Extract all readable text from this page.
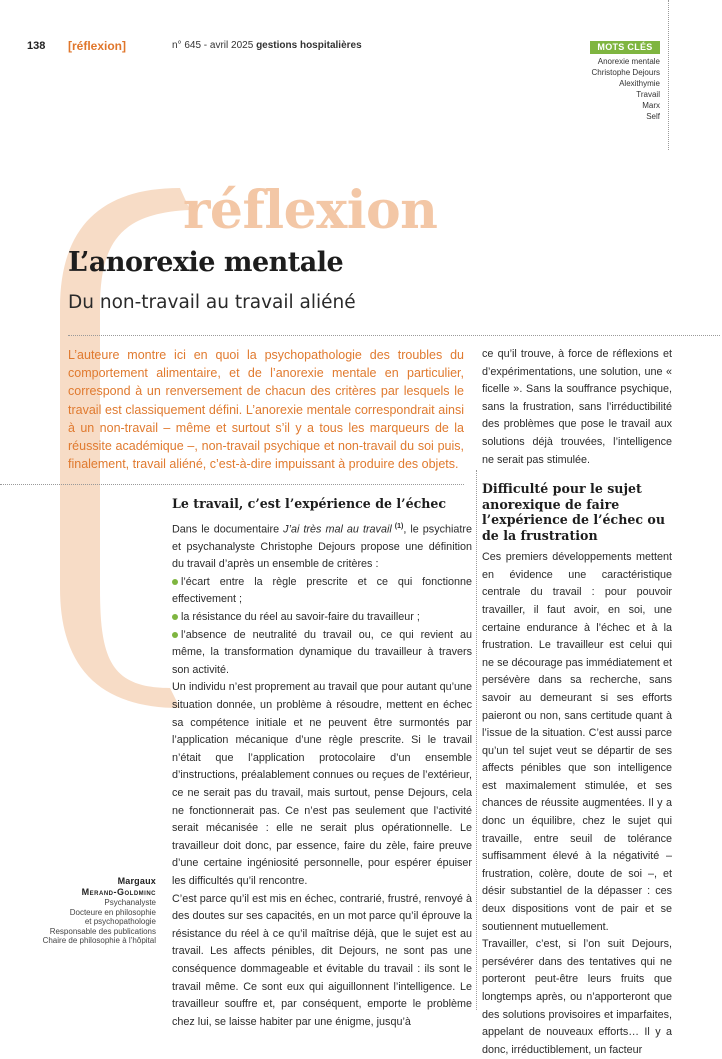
138 [réflexion]	n° 645 - avril 2025 gestions hospitalières	MOTS CLÉS
Anorexie mentale
Christophe Dejours
Alexithymie
Travail
Marx
Self
réflexion
L’anorexie mentale
Du non-travail au travail aliéné

L’auteure montre ici en quoi la psychopathologie des troubles du comportement alimentaire, et de l’anorexie mentale en particulier, correspond à un renversement de chacun des critères par lesquels le travail est classiquement défini. L’anorexie mentale correspondrait ainsi à un non-travail – même et surtout s’il y a tous les marqueurs de la réussite académique –, non-travail psychique et non-travail du soi puis, finalement, travail aliéné, c’est-à-dire impuissant à produire des objets.

Le travail, c’est l’expérience de l’échec

Dans le documentaire J’ai très mal au travail $^{(1)}$, le psychiatre et psychanalyste Christophe Dejours propose une définition du travail d’après un ensemble de critères :

l’écart entre la règle prescrite et ce qui fonctionne effectivement ;

la résistance du réel au savoir-faire du travailleur ;

l’absence de neutralité du travail ou, ce qui revient au même, la transformation dynamique du travailleur à travers son activité.

Un individu n’est proprement au travail que pour autant qu’une situation donnée, un problème à résoudre, mettent en échec sa compétence initiale et ne peuvent être surmontés par l’application mécanique d’une règle prescrite. Si le travail n’était que l’application protocolaire d’un ensemble d’instructions, préalablement connues ou reçues de l’extérieur, ce ne serait pas du travail, mais surtout, pense Dejours, cela ne fonctionnerait pas. Ce n’est pas seulement que l’activité serait mécanisée : elle ne serait plus opérationnelle. Le travailleur doit donc, par essence, faire du zèle, faire preuve d’une certaine ingéniosité personnelle, pour espérer épuiser les difficultés qu’il rencontre.

C’est parce qu’il est mis en échec, contrarié, frustré, renvoyé à des doutes sur ses capacités, en un mot parce qu’il éprouve la résistance du réel à ce qu’il maîtrise déjà, que le sujet est au travail. Les affects pénibles, dit Dejours, ne sont pas une conséquence dommageable et évitable du travail : ils sont le travail même. Ce sont eux qui aiguillonnent l’intelligence. Le travailleur souffre et, par conséquent, emporte le problème chez lui, se laisse habiter par une énigme, jusqu’à

ce qu’il trouve, à force de réflexions et d’expérimentations, une solution, une « ficelle ». Sans la souffrance psychique, sans la frustration, sans l’irréductibilité des problèmes que pose le travail aux solutions déjà trouvées, l’intelligence ne serait pas stimulée.

Difficulté pour le sujet anorexique de faire l’expérience de l’échec ou de la frustration

Ces premiers développements mettent en évidence une caractéristique centrale du travail : pour pouvoir travailler, il faut avoir, en soi, une certaine endurance à l’échec et à la frustration. Le travailleur est celui qui ne se décourage pas immédiatement et persévère dans sa recherche, sans savoir au demeurant si ses efforts paieront ou non, sans certitude quant à l’issue de la situation. C’est aussi parce qu’un tel sujet veut se départir de ses affects pénibles que son intelligence est maximalement stimulée, et ses chances de réussite augmentées. Il y a donc un équilibre, chez le sujet qui travaille, entre seuil de tolérance suffisamment élevé à la négativité – frustration, colère, doute de soi –, et désir substantiel de la dépasser : ces deux dispositions vont de pair et se soutiennent mutuellement.

Travailler, c’est, si l’on suit Dejours, persévérer dans des tentatives qui ne porteront peut-être leurs fruits que longtemps après, ou n’apporteront que des solutions provisoires et imparfaites, appelant de nouveaux efforts… Il y a donc, irréductiblement, un facteur

Margaux
Merand-Goldminc
Psychanalyste
Docteure en philosophie
et psychopathologie
Responsable des publications
Chaire de philosophie à l’hôpital
